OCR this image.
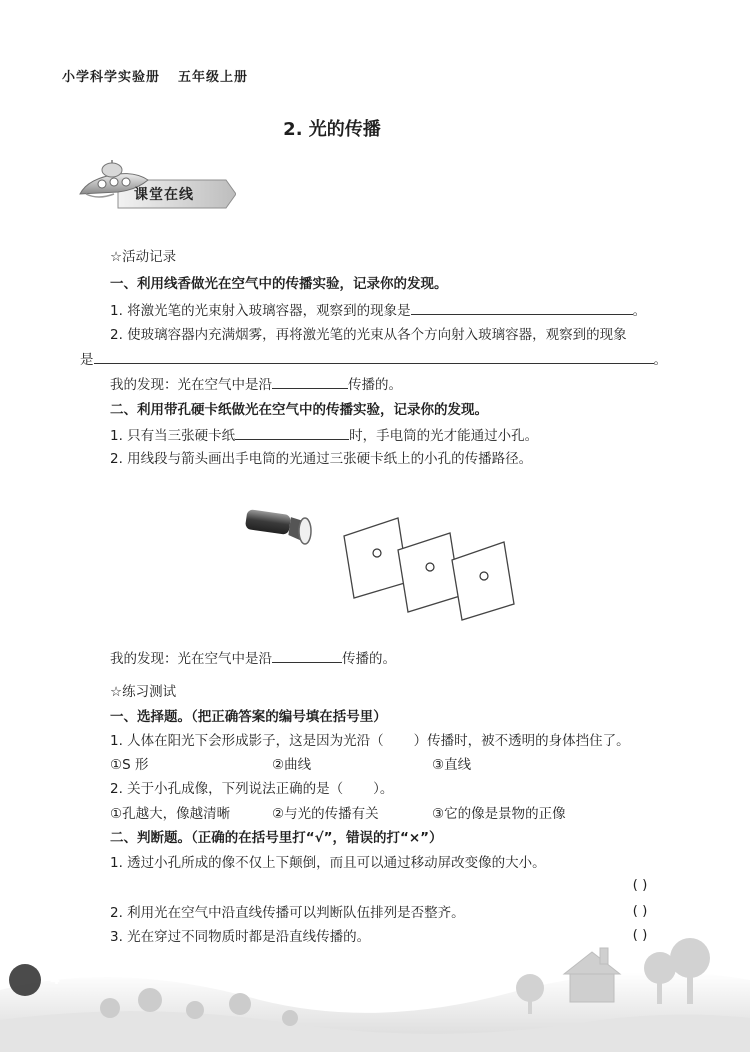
小学科学实验册 五年级上册
2. 光的传播
课堂在线
☆活动记录
一、利用线香做光在空气中的传播实验，记录你的发现。
1. 将激光笔的光束射入玻璃容器，观察到的现象是	。
2. 使玻璃容器内充满烟雾，再将激光笔的光束从各个方向射入玻璃容器，观察到的现象
是	。
我的发现：光在空气中是沿	传播的。
二、利用带孔硬卡纸做光在空气中的传播实验，记录你的发现。
1. 只有当三张硬卡纸	时，手电筒的光才能通过小孔。
2. 用线段与箭头画出手电筒的光通过三张硬卡纸上的小孔的传播路径。
我的发现：光在空气中是沿	传播的。
☆练习测试
一、选择题。（把正确答案的编号填在括号里）
1. 人体在阳光下会形成影子，这是因为光沿（ ）传播时，被不透明的身体挡住了。
①S 形	②曲线	③直线
2. 关于小孔成像，下列说法正确的是（ ）。
①孔越大，像越清晰	②与光的传播有关	③它的像是景物的正像
二、判断题。（正确的在括号里打“√”，错误的打“×”）
1. 透过小孔所成的像不仅上下颠倒，而且可以通过移动屏改变像的大小。
( )
2. 利用光在空气中沿直线传播可以判断队伍排列是否整齐。	( )
3. 光在穿过不同物质时都是沿直线传播的。	( )
4
